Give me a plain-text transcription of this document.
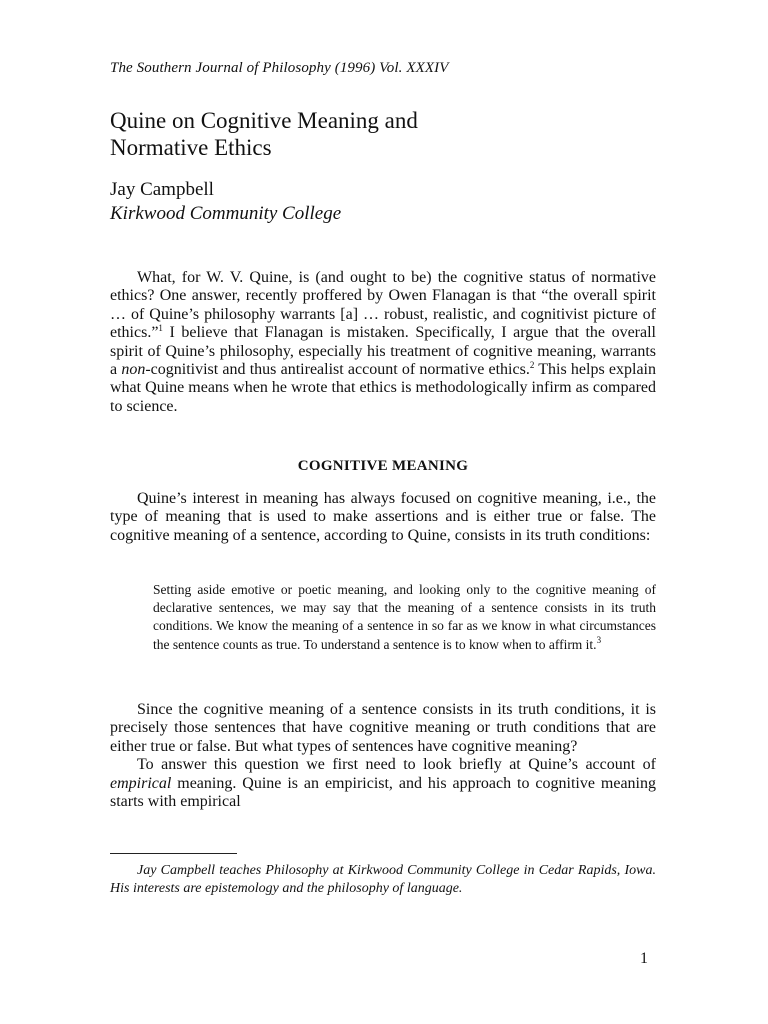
The Southern Journal of Philosophy (1996) Vol. XXXIV
Quine on Cognitive Meaning and
Normative Ethics
Jay Campbell
Kirkwood Community College

What, for W. V. Quine, is (and ought to be) the cognitive status of normative ethics? One answer, recently proffered by Owen Flanagan is that “the overall spirit … of Quine’s philosophy warrants [a] … robust, realistic, and cognitivist picture of ethics.”$^1$ I believe that Flanagan is mistaken. Specifically, I argue that the overall spirit of Quine’s philosophy, especially his treatment of cognitive meaning, warrants a non-cognitivist and thus antirealist account of normative ethics.$^2$ This helps explain what Quine means when he wrote that ethics is methodologically infirm as compared to science.

COGNITIVE MEANING

Quine’s interest in meaning has always focused on cognitive meaning, i.e., the type of meaning that is used to make assertions and is either true or false. The cognitive meaning of a sentence, according to Quine, consists in its truth conditions:

Setting aside emotive or poetic meaning, and looking only to the cognitive meaning of declarative sentences, we may say that the meaning of a sentence consists in its truth conditions. We know the meaning of a sentence in so far as we know in what circumstances the sentence counts as true. To understand a sentence is to know when to affirm it.$^3$

Since the cognitive meaning of a sentence consists in its truth conditions, it is precisely those sentences that have cognitive meaning or truth conditions that are either true or false. But what types of sentences have cognitive meaning?

To answer this question we first need to look briefly at Quine’s account of empirical meaning. Quine is an empiricist, and his approach to cognitive meaning starts with empirical

Jay Campbell teaches Philosophy at Kirkwood Community College in Cedar Rapids, Iowa. His interests are epistemology and the philosophy of language.

1
